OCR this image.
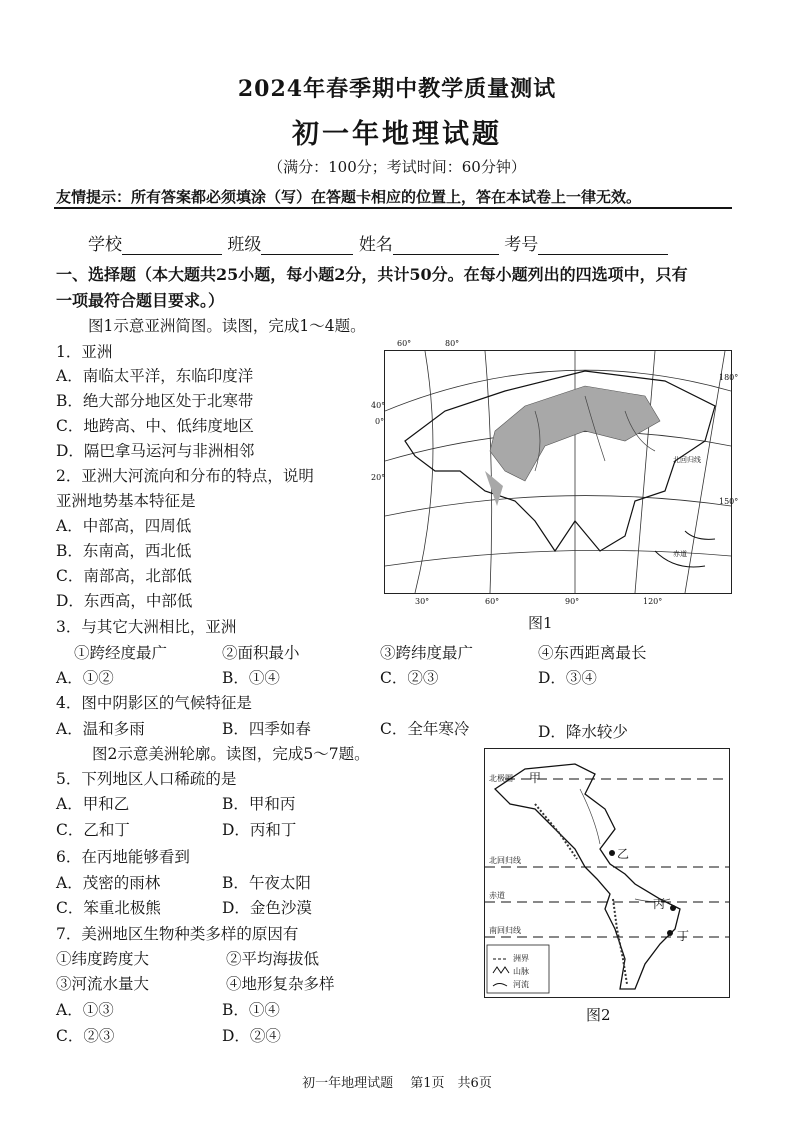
2024年春季期中教学质量测试
初一年地理试题
（满分：100分；考试时间：60分钟）
友情提示：所有答案都必须填涂（写）在答题卡相应的位置上，答在本试卷上一律无效。
学校	班级	姓名	考号
一、选择题（本大题共25小题，每小题2分，共计50分。在每小题列出的四选项中，只有
一项最符合题目要求。）
图1示意亚洲简图。读图，完成1～4题。
1．亚洲
A．南临太平洋，东临印度洋
B．绝大部分地区处于北寒带
C．地跨高、中、低纬度地区
D．隔巴拿马运河与非洲相邻
2．亚洲大河流向和分布的特点，说明
亚洲地势基本特征是
A．中部高，四周低
B．东南高，西北低
C．南部高，北部低
D．东西高，中部低
60°	80°
40°
0°
20°
180°
150°
北回归线
赤道
30°	60°	90°	120°
图1
3．与其它大洲相比，亚洲
①跨经度最广	②面积最小	③跨纬度最广	④东西距离最长
A．①②	B．①④	C．②③	D．③④
4．图中阴影区的气候特征是
A．温和多雨	B．四季如春	C．全年寒冷	D．降水较少
图2示意美洲轮廓。读图，完成5～7题。
5．下列地区人口稀疏的是
A．甲和乙	B．甲和丙
C．乙和丁	D．丙和丁
6．在丙地能够看到
A．茂密的雨林	B．午夜太阳
C．笨重北极熊	D．金色沙漠
7．美洲地区生物种类多样的原因有
①纬度跨度大	②平均海拔低
③河流水量大	④地形复杂多样
A．①③	B．①④
C．②③	D．②④
北极圈
北回归线
赤道
南回归线
甲
乙
丙
丁
洲界
山脉
河流
图2
初一年地理试题　 第1页　共6页
